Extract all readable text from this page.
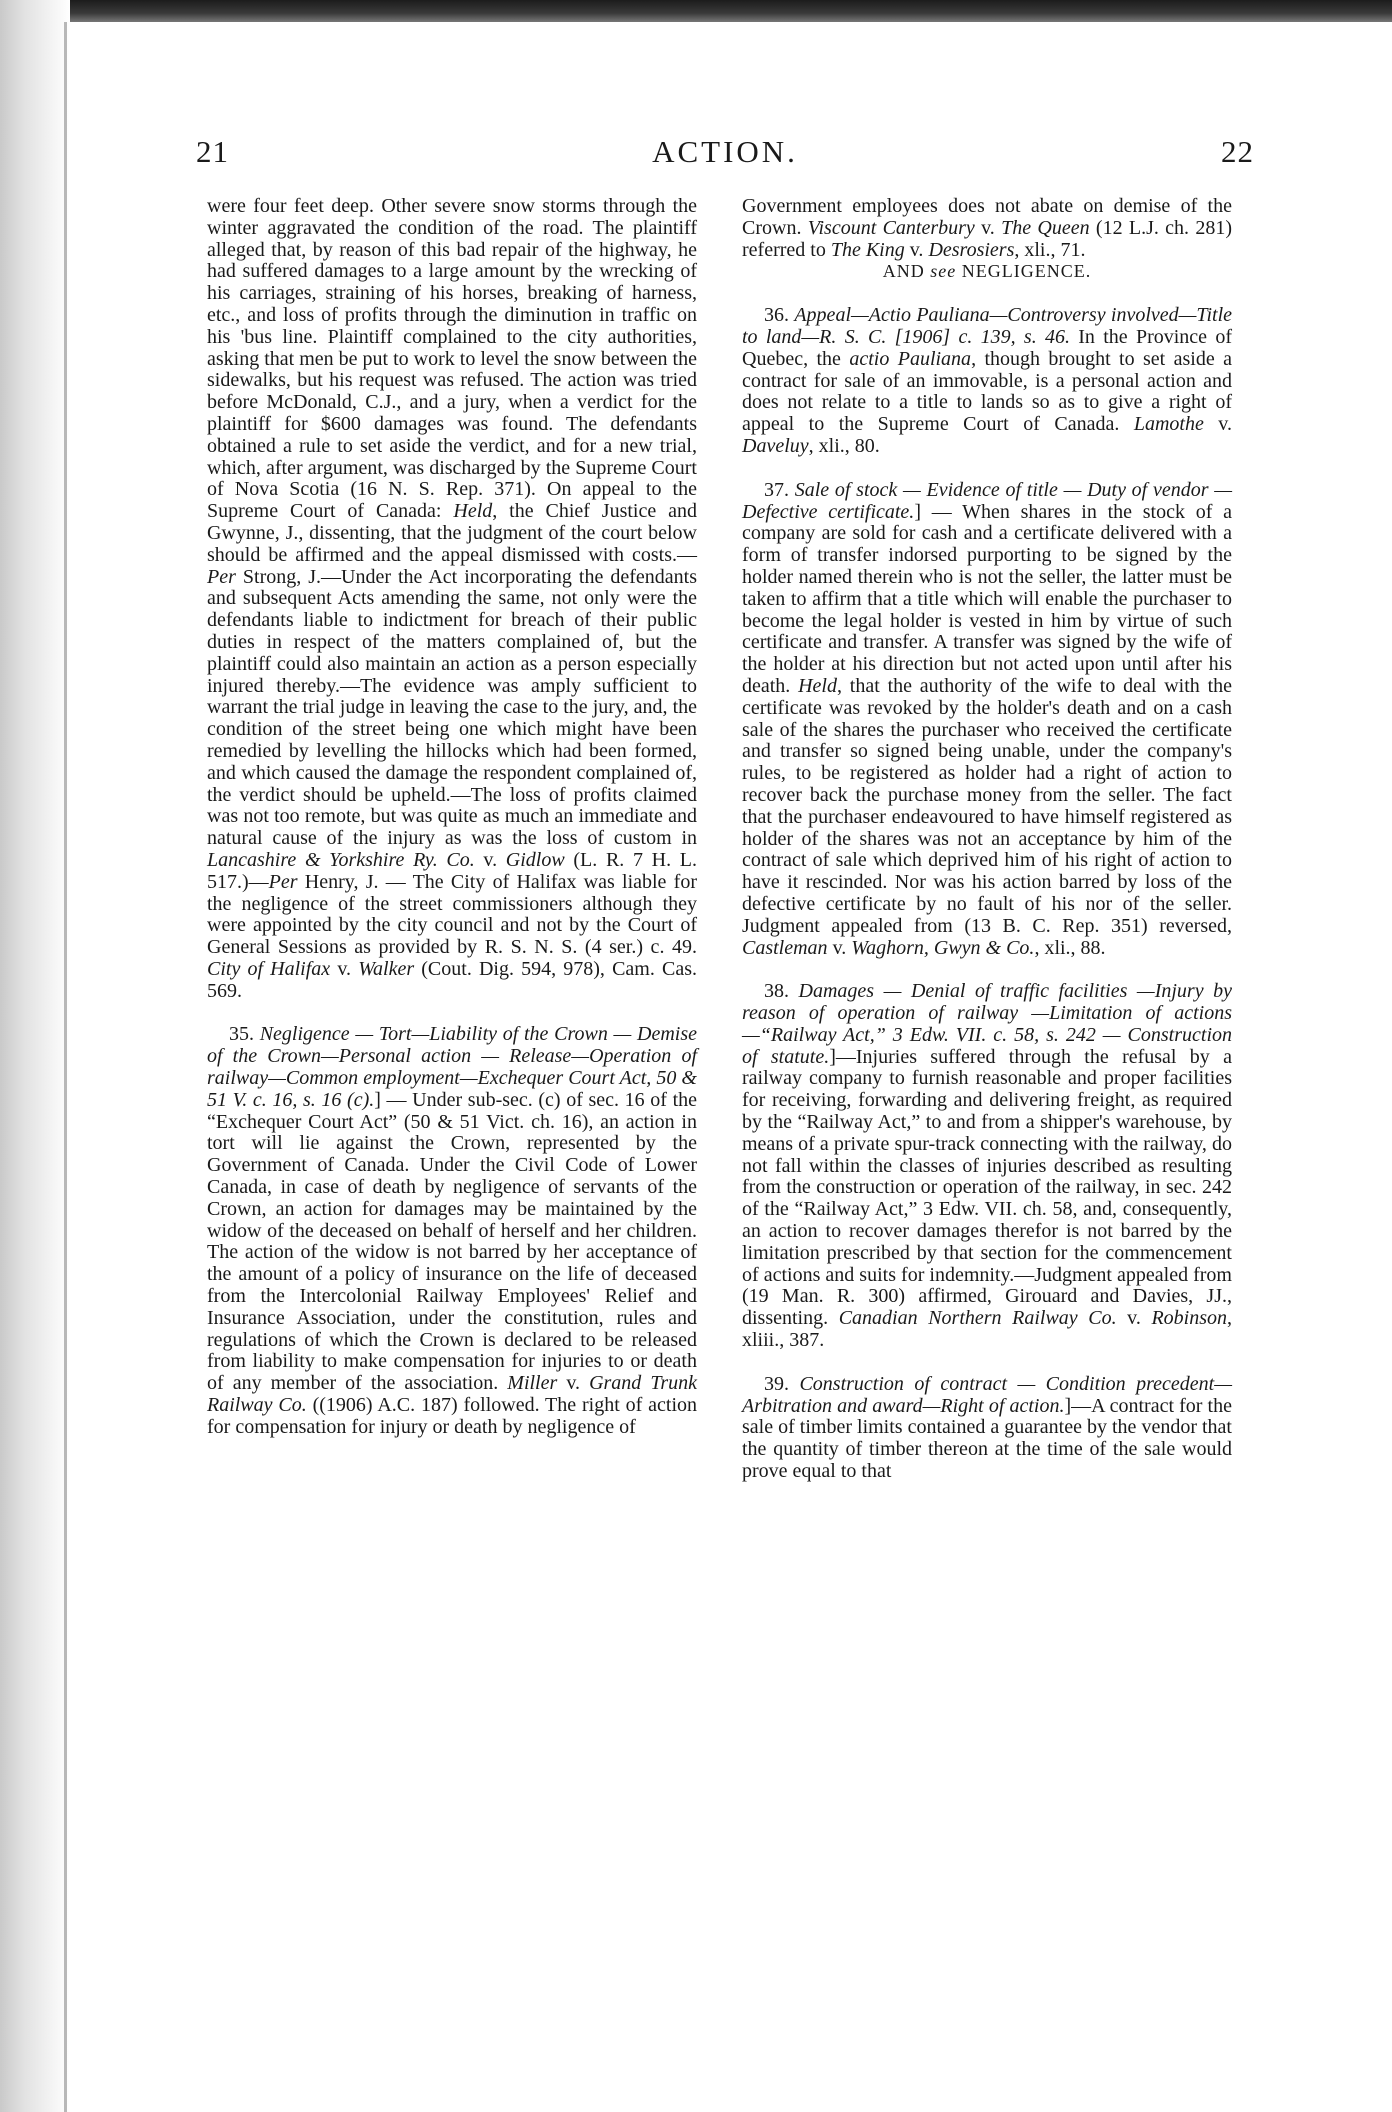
21	ACTION.	22

were four feet deep. Other severe snow storms through the winter aggravated the condition of the road. The plaintiff alleged that, by reason of this bad repair of the highway, he had suffered damages to a large amount by the wrecking of his carriages, straining of his horses, breaking of harness, etc., and loss of profits through the diminution in traffic on his 'bus line. Plaintiff complained to the city authorities, asking that men be put to work to level the snow between the sidewalks, but his request was refused. The action was tried before McDonald, C.J., and a jury, when a verdict for the plaintiff for $600 damages was found. The defendants obtained a rule to set aside the verdict, and for a new trial, which, after argument, was discharged by the Supreme Court of Nova Scotia (16 N. S. Rep. 371). On appeal to the Supreme Court of Canada: Held, the Chief Justice and Gwynne, J., dissenting, that the judgment of the court below should be affirmed and the appeal dismissed with costs.—Per Strong, J.—Under the Act incorporating the defendants and subsequent Acts amending the same, not only were the defendants liable to indictment for breach of their public duties in respect of the matters complained of, but the plaintiff could also maintain an action as a person especially injured thereby.—The evidence was amply sufficient to warrant the trial judge in leaving the case to the jury, and, the condition of the street being one which might have been remedied by levelling the hillocks which had been formed, and which caused the damage the respondent complained of, the verdict should be upheld.—The loss of profits claimed was not too remote, but was quite as much an immediate and natural cause of the injury as was the loss of custom in Lancashire & Yorkshire Ry. Co. v. Gidlow (L. R. 7 H. L. 517.)—Per Henry, J. — The City of Halifax was liable for the negligence of the street commissioners although they were appointed by the city council and not by the Court of General Sessions as provided by R. S. N. S. (4 ser.) c. 49. City of Halifax v. Walker (Cout. Dig. 594, 978), Cam. Cas. 569.

35. Negligence — Tort—Liability of the Crown — Demise of the Crown—Personal action — Release—Operation of railway—Common employment—Exchequer Court Act, 50 & 51 V. c. 16, s. 16 (c).] — Under sub-sec. (c) of sec. 16 of the “Exchequer Court Act” (50 & 51 Vict. ch. 16), an action in tort will lie against the Crown, represented by the Government of Canada. Under the Civil Code of Lower Canada, in case of death by negligence of servants of the Crown, an action for damages may be maintained by the widow of the deceased on behalf of herself and her children. The action of the widow is not barred by her acceptance of the amount of a policy of insurance on the life of deceased from the Intercolonial Railway Employees' Relief and Insurance Association, under the constitution, rules and regulations of which the Crown is declared to be released from liability to make compensation for injuries to or death of any member of the association. Miller v. Grand Trunk Railway Co. ((1906) A.C. 187) followed. The right of action for compensation for injury or death by negligence of

Government employees does not abate on demise of the Crown. Viscount Canterbury v. The Queen (12 L.J. ch. 281) referred to The King v. Desrosiers, xli., 71.

AND see NEGLIGENCE.

36. Appeal—Actio Pauliana—Controversy involved—Title to land—R. S. C. [1906] c. 139, s. 46. In the Province of Quebec, the actio Pauliana, though brought to set aside a contract for sale of an immovable, is a personal action and does not relate to a title to lands so as to give a right of appeal to the Supreme Court of Canada. Lamothe v. Daveluy, xli., 80.

37. Sale of stock — Evidence of title — Duty of vendor — Defective certificate.] — When shares in the stock of a company are sold for cash and a certificate delivered with a form of transfer indorsed purporting to be signed by the holder named therein who is not the seller, the latter must be taken to affirm that a title which will enable the purchaser to become the legal holder is vested in him by virtue of such certificate and transfer. A transfer was signed by the wife of the holder at his direction but not acted upon until after his death. Held, that the authority of the wife to deal with the certificate was revoked by the holder's death and on a cash sale of the shares the purchaser who received the certificate and transfer so signed being unable, under the company's rules, to be registered as holder had a right of action to recover back the purchase money from the seller. The fact that the purchaser endeavoured to have himself registered as holder of the shares was not an acceptance by him of the contract of sale which deprived him of his right of action to have it rescinded. Nor was his action barred by loss of the defective certificate by no fault of his nor of the seller. Judgment appealed from (13 B. C. Rep. 351) reversed, Castleman v. Waghorn, Gwyn & Co., xli., 88.

38. Damages — Denial of traffic facilities —Injury by reason of operation of railway —Limitation of actions—“Railway Act,” 3 Edw. VII. c. 58, s. 242 — Construction of statute.]—Injuries suffered through the refusal by a railway company to furnish reasonable and proper facilities for receiving, forwarding and delivering freight, as required by the “Railway Act,” to and from a shipper's warehouse, by means of a private spur-track connecting with the railway, do not fall within the classes of injuries described as resulting from the construction or operation of the railway, in sec. 242 of the “Railway Act,” 3 Edw. VII. ch. 58, and, consequently, an action to recover damages therefor is not barred by the limitation prescribed by that section for the commencement of actions and suits for indemnity.—Judgment appealed from (19 Man. R. 300) affirmed, Girouard and Davies, JJ., dissenting. Canadian Northern Railway Co. v. Robinson, xliii., 387.

39. Construction of contract — Condition precedent—Arbitration and award—Right of action.]—A contract for the sale of timber limits contained a guarantee by the vendor that the quantity of timber thereon at the time of the sale would prove equal to that
